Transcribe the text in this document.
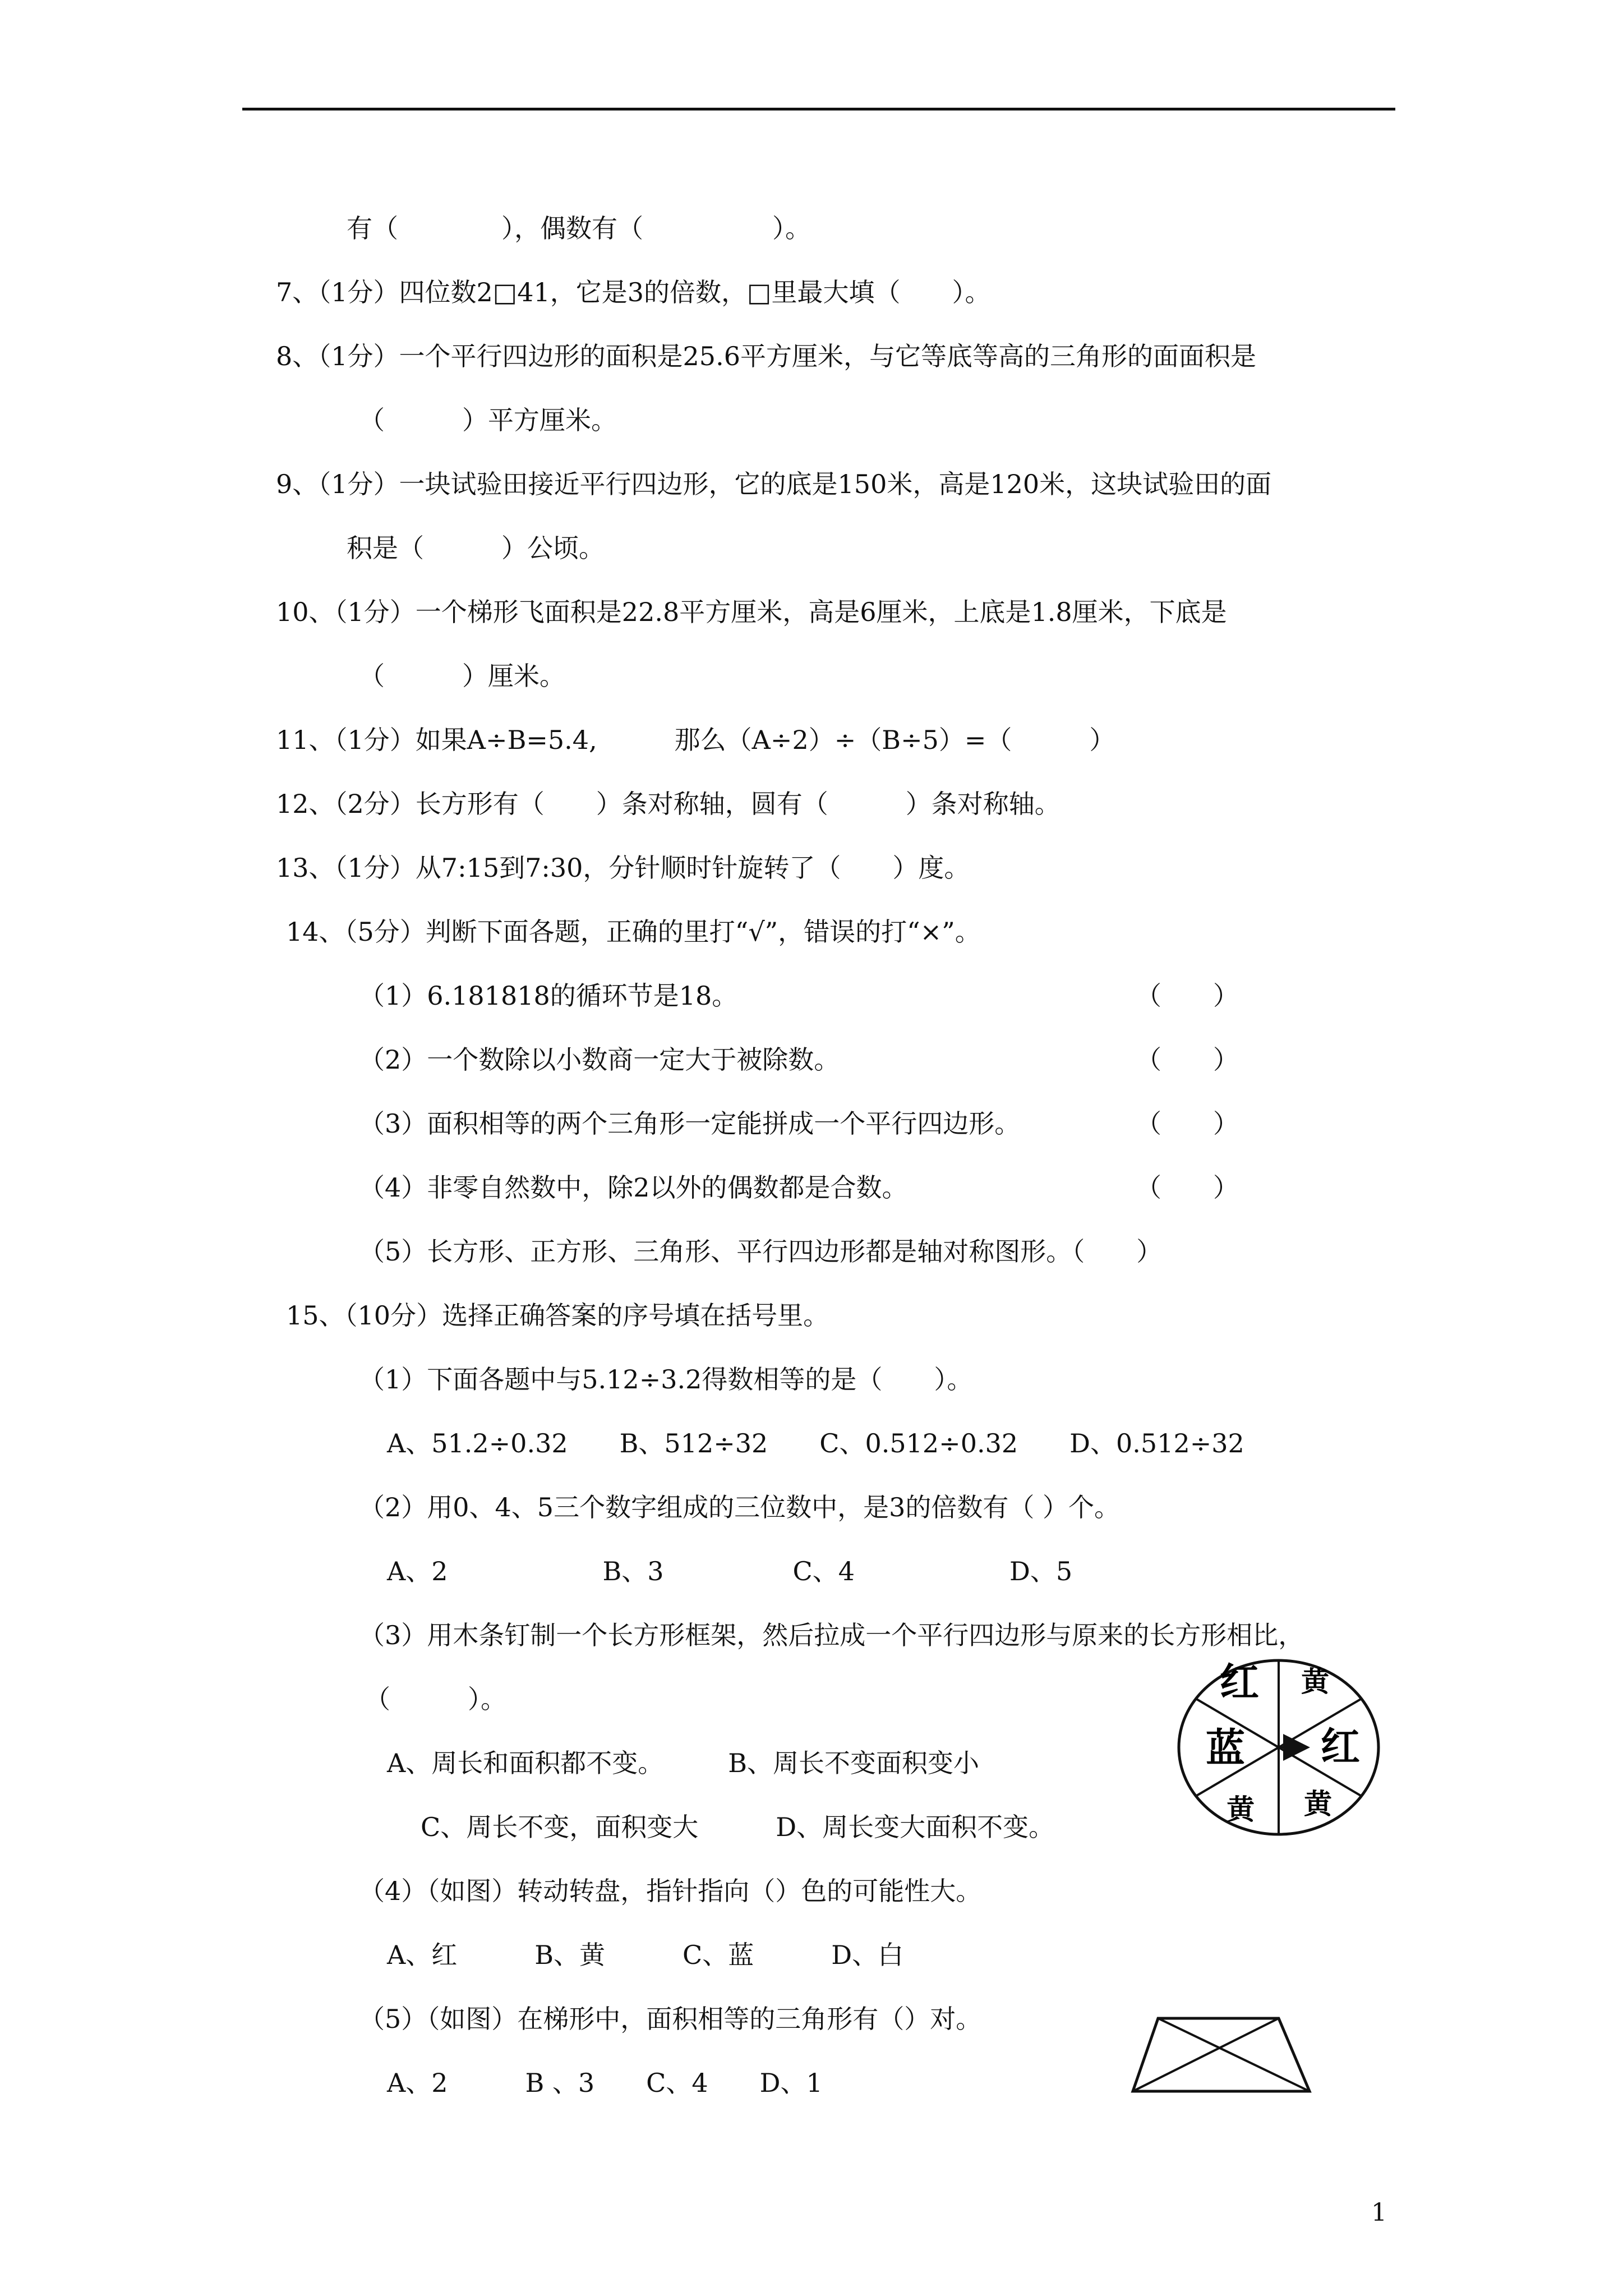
有（　　　　），偶数有（　　　　　）。
7、（1分）四位数2□41，它是3的倍数，□里最大填（　　）。
8、（1分）一个平行四边形的面积是25.6平方厘米，与它等底等高的三角形的面面积是
（　　　）平方厘米。
9、（1分）一块试验田接近平行四边形，它的底是150米，高是120米，这块试验田的面
积是（　　　）公顷。
10、（1分）一个梯形飞面积是22.8平方厘米，高是6厘米，上底是1.8厘米，下底是
（　　　）厘米。
11、（1分）如果A÷B=5.4,　　　那么（A÷2）÷（B÷5）=（　　　）
12、（2分）长方形有（　　）条对称轴，圆有（　　　）条对称轴。
13、（1分）从7:15到7:30，分针顺时针旋转了（　　）度。
14、（5分）判断下面各题，正确的里打“√”，错误的打“×”。
（1）6.181818的循环节是18。	（　　）
（2）一个数除以小数商一定大于被除数。	（　　）
（3）面积相等的两个三角形一定能拼成一个平行四边形。	（　　）
（4）非零自然数中，除2以外的偶数都是合数。	（　　）
（5）长方形、正方形、三角形、平行四边形都是轴对称图形。（　　）
15、（10分）选择正确答案的序号填在括号里。
（1）下面各题中与5.12÷3.2得数相等的是（　　）。
A、51.2÷0.32　　B、512÷32　　C、0.512÷0.32　　D、0.512÷32
（2）用0、4、5三个数字组成的三位数中，是3的倍数有（ ）个。
A、2　　　　　　B、3　　　　　C、4　　　　　　D、5
（3）用木条钉制一个长方形框架，然后拉成一个平行四边形与原来的长方形相比，
（　　　）。
A、周长和面积都不变。　　　B、周长不变面积变小
C、周长不变，面积变大　　　D、周长变大面积不变。
（4）（如图）转动转盘，指针指向（）色的可能性大。
A、红　　　B、黄　　　C、蓝　　　D、白
（5）（如图）在梯形中，面积相等的三角形有（）对。
A、2　　　B 、3　　C、4　　D、1
红 黄
红
黄
黄
蓝
1
